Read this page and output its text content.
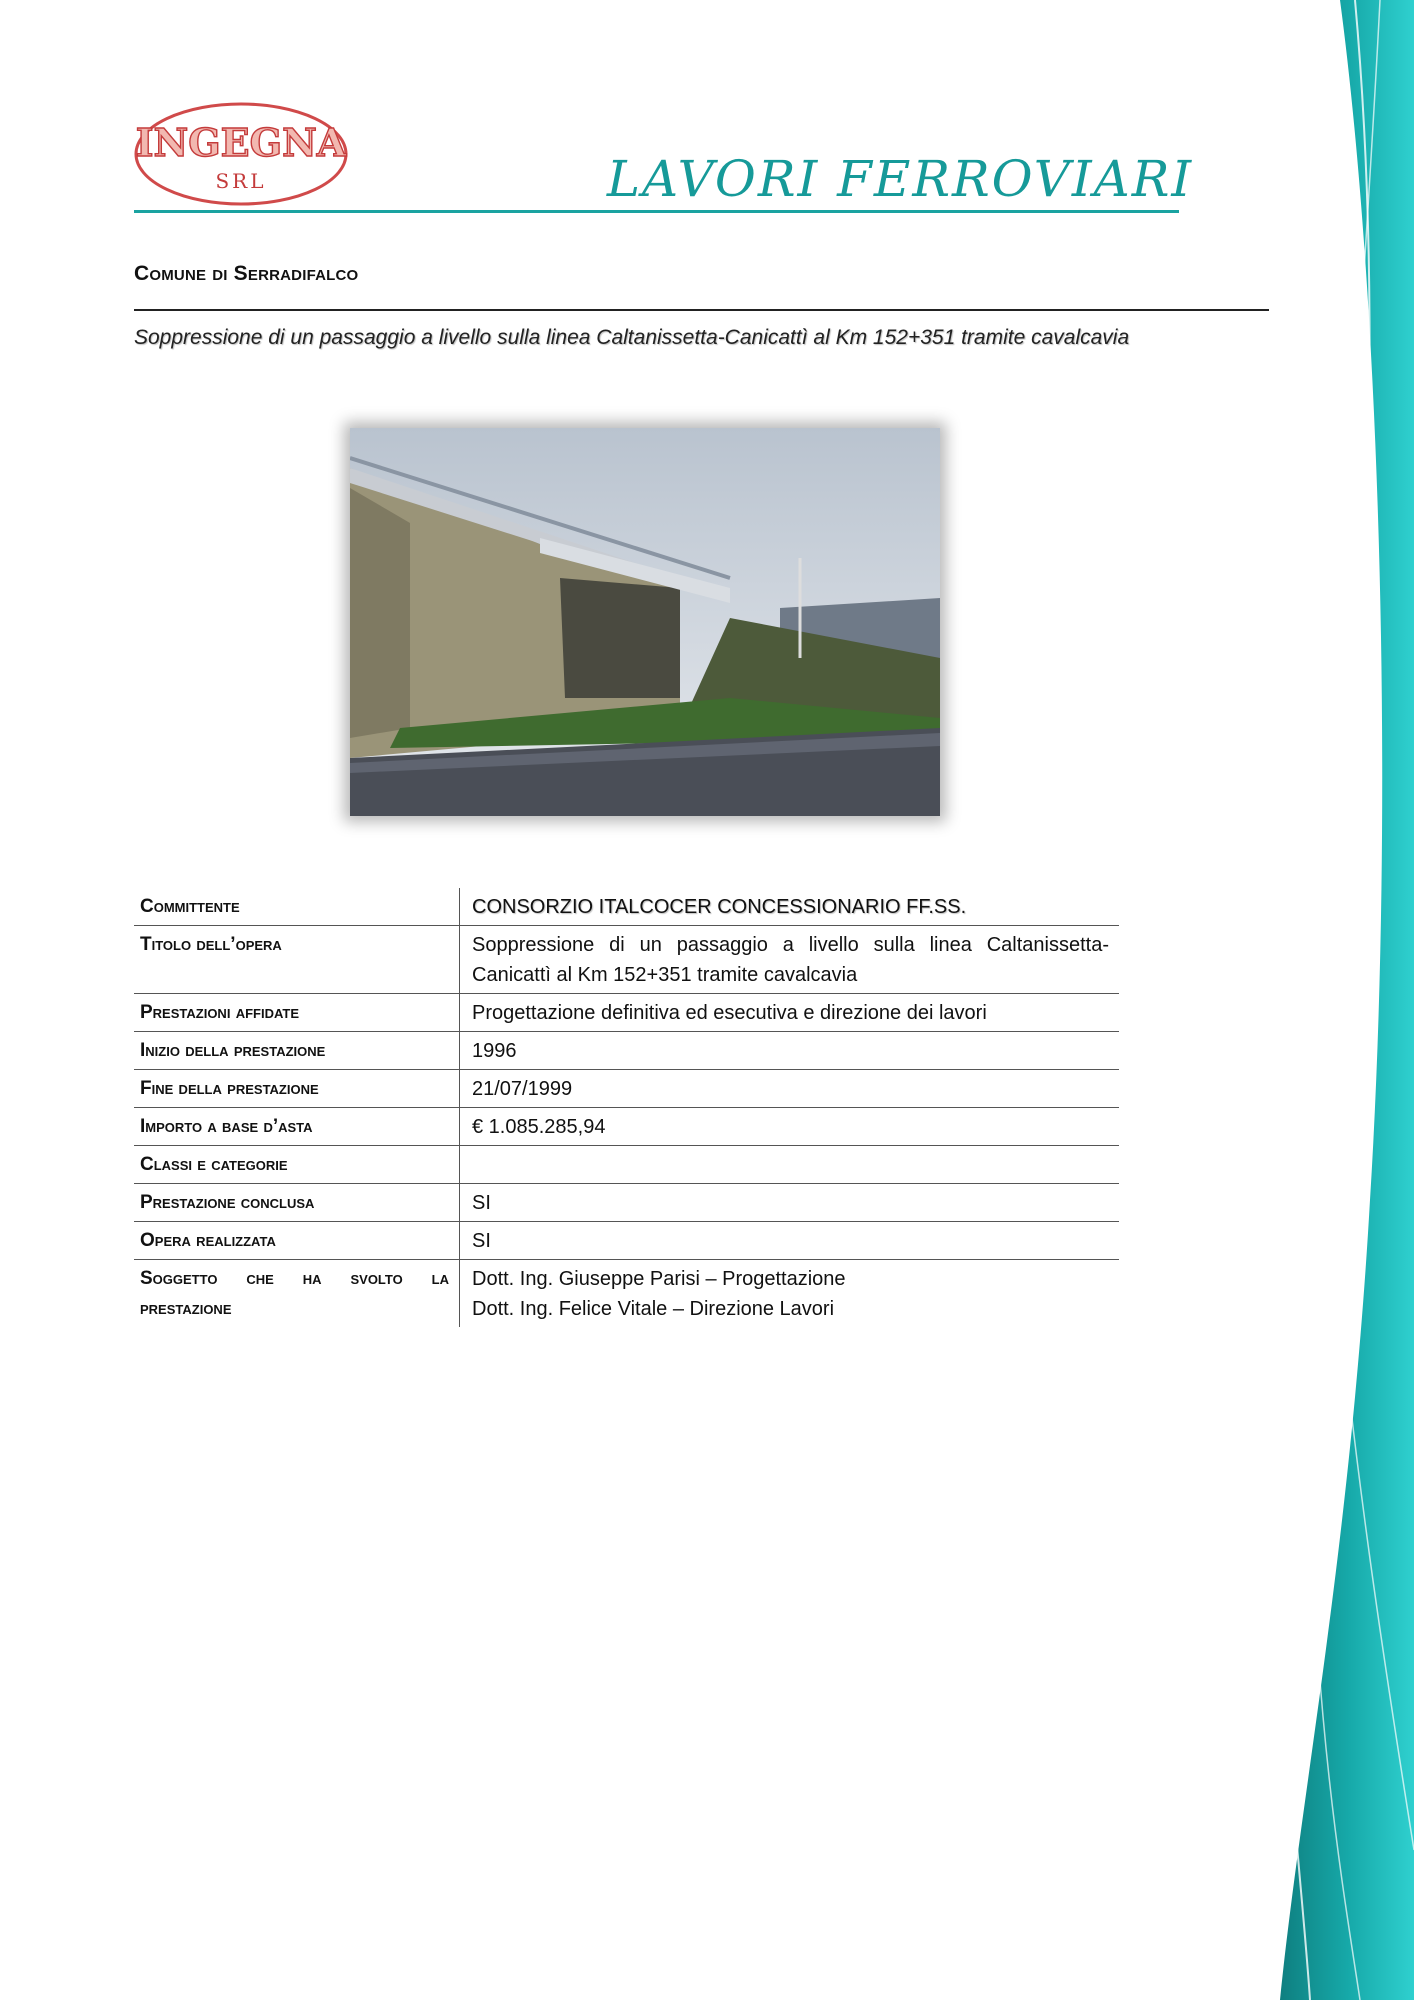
INGEGNA
SRL	LAVORI FERROVIARI
Comune di Serradifalco
Soppressione di un passaggio a livello sulla linea Caltanissetta-Canicattì al Km 152+351 tramite cavalcavia
Committente	CONSORZIO ITALCOCER CONCESSIONARIO FF.SS.
Titolo dell’opera	Soppressione di un passaggio a livello sulla linea Caltanissetta-Canicattì al Km 152+351 tramite cavalcavia
Prestazioni affidate	Progettazione definitiva ed esecutiva e direzione dei lavori
Inizio della prestazione	1996
Fine della prestazione	21/07/1999
Importo a base d’asta	€ 1.085.285,94
Classi e categorie	
Prestazione conclusa	SI
Opera realizzata	SI
Soggetto che ha svolto la prestazione	Dott. Ing. Giuseppe Parisi – Progettazione
Dott. Ing. Felice Vitale – Direzione Lavori
